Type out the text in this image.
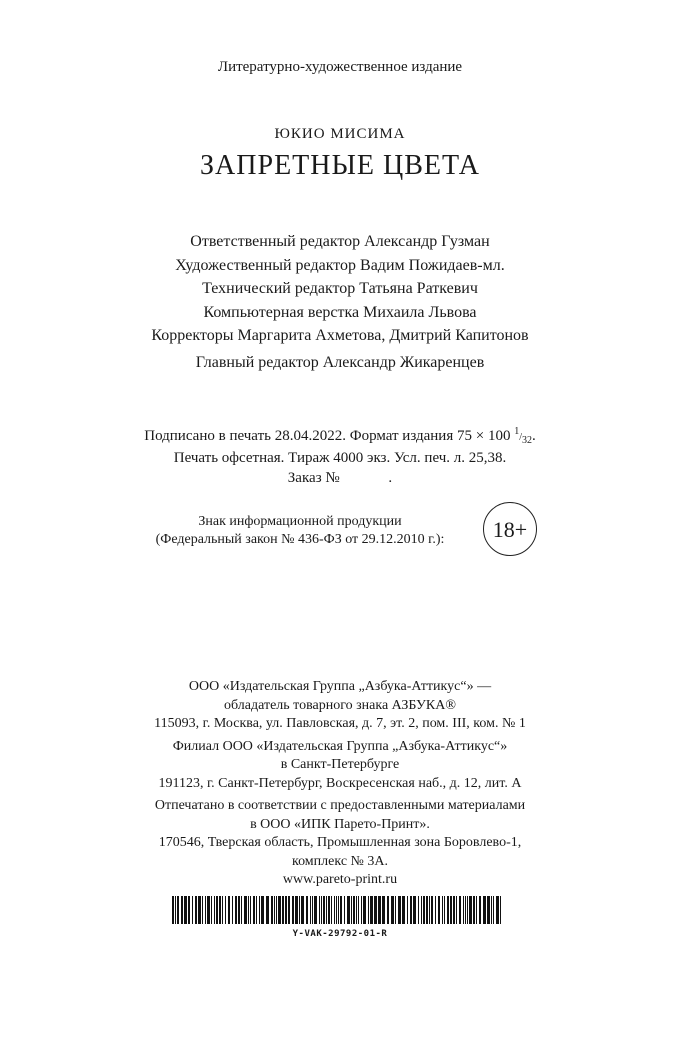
Литературно-художественное издание
ЮКИО МИСИМА
ЗАПРЕТНЫЕ ЦВЕТА
Ответственный редактор Александр Гузман
Художественный редактор Вадим Пожидаев-мл.
Технический редактор Татьяна Раткевич
Компьютерная верстка Михаила Львова
Корректоры Маргарита Ахметова, Дмитрий Капитонов
Главный редактор Александр Жикаренцев
Подписано в печать 28.04.2022. Формат издания 75 × 100 1/32.
Печать офсетная. Тираж 4000 экз. Усл. печ. л. 25,38.
Заказ №             .
Знак информационной продукции
(Федеральный закон № 436-ФЗ от 29.12.2010 г.):	18+
ООО «Издательская Группа „Азбука-Аттикус“» —
обладатель товарного знака АЗБУКА®
115093, г. Москва, ул. Павловская, д. 7, эт. 2, пом. III, ком. № 1
Филиал ООО «Издательская Группа „Азбука-Аттикус“»
в Санкт-Петербурге
191123, г. Санкт-Петербург, Воскресенская наб., д. 12, лит. А
Отпечатано в соответствии с предоставленными материалами
в ООО «ИПК Парето-Принт».
170546, Тверская область, Промышленная зона Боровлево-1,
комплекс № 3А.
www.pareto-print.ru
Y-VAK-29792-01-R
